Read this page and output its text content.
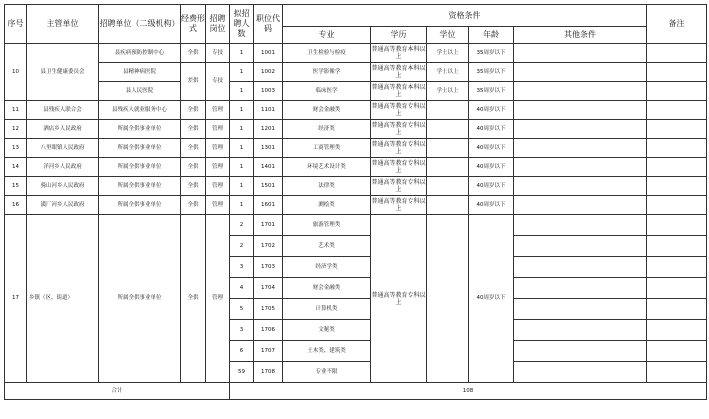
序号	主管单位	招聘单位（二级机构）	经费形式	招聘岗位	拟招聘人数	职位代码	资格条件					备注
							专业	学历	学位	年龄	其他条件	
10	县卫生健康委员会	县疾病预防控制中心	全供	专技	1	1001	卫生检验与检疫	普通高等教育本科以上	学士以上	35周岁以下		
		县精神病医院	差供	专技	1	1002	医学影像学	普通高等教育本科以上	学士以上	35周岁以下		
		县人民医院			1	1003	临床医学	普通高等教育本科以上	学士以上	35周岁以下		
11	县残疾人联合会	县残疾人就业服务中心	全供	管理	1	1101	财会金融类	普通高等教育专科以上		40周岁以下		
12	洒店乡人民政府	所属全供事业单位	全供	管理	1	1201	经济类	普通高等教育专科以上		40周岁以下		
13	八里眼镇人民政府	所属全供事业单位	全供	管理	1	1301	工商管理类	普通高等教育专科以上		40周岁以下		
14	洋河乡人民政府	所属全供事业单位	全供	管理	1	1401	环境艺术设计类	普通高等教育专科以上		40周岁以下		
15	骑山河乡人民政府	所属全供事业单位	全供	管理	1	1501	法律类	普通高等教育专科以上		40周岁以下		
16	潢厂河乡人民政府	所属全供事业单位	全供	管理	1	1601	测绘类	普通高等教育专科以上		40周岁以下		
17	乡镇（区、街道）	所属全供事业单位	全供	管理	2	1701	旅游管理类	普通高等教育专科以上		40周岁以下		
					2	1702	艺术类					
					3	1703	经济学类					
					4	1704	财会金融类					
					5	1705	计算机类					
					3	1706	文秘类					
					6	1707	土木类、建筑类					
					59	1708	专业不限					
合计					108							
